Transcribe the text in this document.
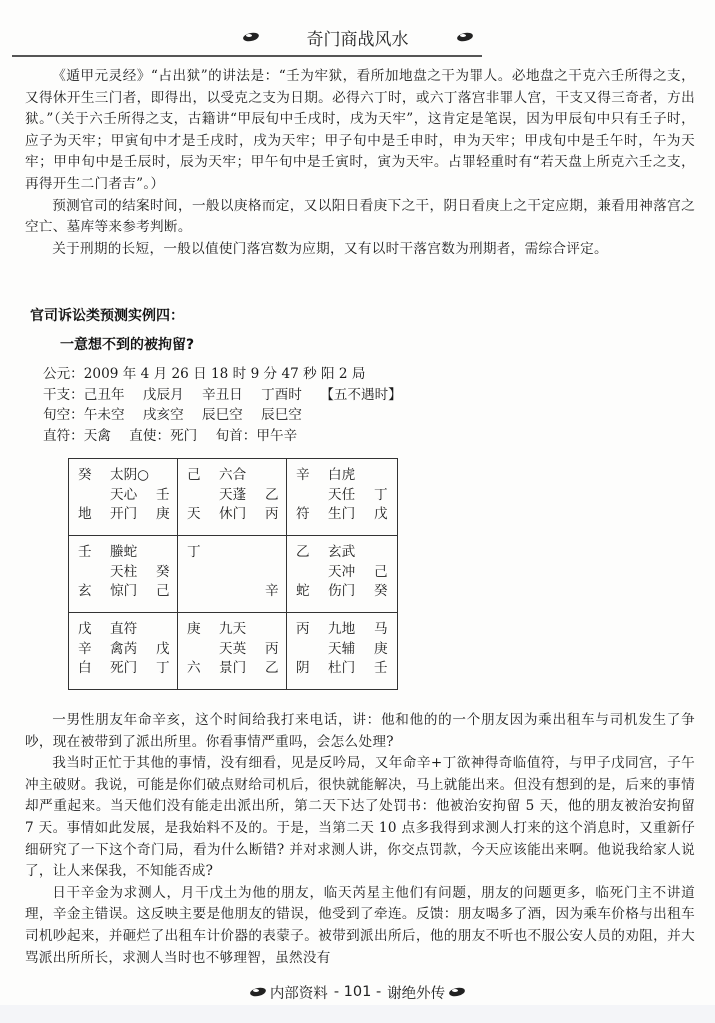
奇门商战风水

《遁甲元灵经》“占出狱”的讲法是：“壬为牢狱，看所加地盘之干为罪人。必地盘之干克六壬所得之支，又得休开生三门者，即得出，以受克之支为日期。必得六丁时，或六丁落宫非罪人宫，干支又得三奇者，方出狱。”（关于六壬所得之支，古籍讲“甲辰旬中壬戌时，戌为天牢”，这肯定是笔误，因为甲辰旬中只有壬子时，应子为天牢；甲寅旬中才是壬戌时，戌为天牢；甲子旬中是壬申时，申为天牢；甲戌旬中是壬午时，午为天牢；甲申旬中是壬辰时，辰为天牢；甲午旬中是壬寅时，寅为天牢。占罪轻重时有“若天盘上所克六壬之支，再得开生二门者吉”。）

预测官司的结案时间，一般以庚格而定，又以阳日看庚下之干，阴日看庚上之干定应期，兼看用神落宫之空亡、墓库等来参考判断。

关于刑期的长短，一般以值使门落宫数为应期，又有以时干落宫数为刑期者，需综合评定。

官司诉讼类预测实例四：
一意想不到的被拘留?
公元：2009 年 4 月 26 日 18 时 9 分 47 秒 阳 2 局
干支：己丑年 戊辰月 辛丑日 丁酉时 【五不遇时】
旬空：午未空 戌亥空 辰巳空 辰巳空
直符：天禽 直使：死门 旬首：甲午辛
癸 太阴○
天心 壬
地 开门 庚
己 六合
天蓬 乙
天 休门 丙
辛 白虎
天任 丁
符 生门 戊
壬 螣蛇
天柱 癸
玄 惊门 己
丁
辛
乙 玄武
天冲 己
蛇 伤门 癸
戊 直符
辛 禽芮 戊
白 死门 丁
庚 九天
天英 丙
六 景门 乙
丙 九地 马
天辅 庚
阴 杜门 壬

一男性朋友年命辛亥，这个时间给我打来电话，讲：他和他的的一个朋友因为乘出租车与司机发生了争吵，现在被带到了派出所里。你看事情严重吗，会怎么处理?

我当时正忙于其他的事情，没有细看，见是反吟局，又年命辛+丁欲神得奇临值符，与甲子戊同宫，子午冲主破财。我说，可能是你们破点财给司机后，很快就能解决，马上就能出来。但没有想到的是，后来的事情却严重起来。当天他们没有能走出派出所，第二天下达了处罚书：他被治安拘留 5 天，他的朋友被治安拘留 7 天。事情如此发展，是我始料不及的。于是，当第二天 10 点多我得到求测人打来的这个消息时，又重新仔细研究了一下这个奇门局，看为什么断错? 并对求测人讲，你交点罚款，今天应该能出来啊。他说我给家人说了，让人来保我，不知能否成?

日干辛金为求测人，月干戊土为他的朋友，临天芮星主他们有问题，朋友的问题更多，临死门主不讲道理，辛金主错误。这反映主要是他朋友的错误，他受到了牵连。反馈：朋友喝多了酒，因为乘车价格与出租车司机吵起来，并砸烂了出租车计价器的表蒙子。被带到派出所后，他的朋友不听也不服公安人员的劝阻，并大骂派出所所长，求测人当时也不够理智，虽然没有

内部资料 - 101 - 谢绝外传
